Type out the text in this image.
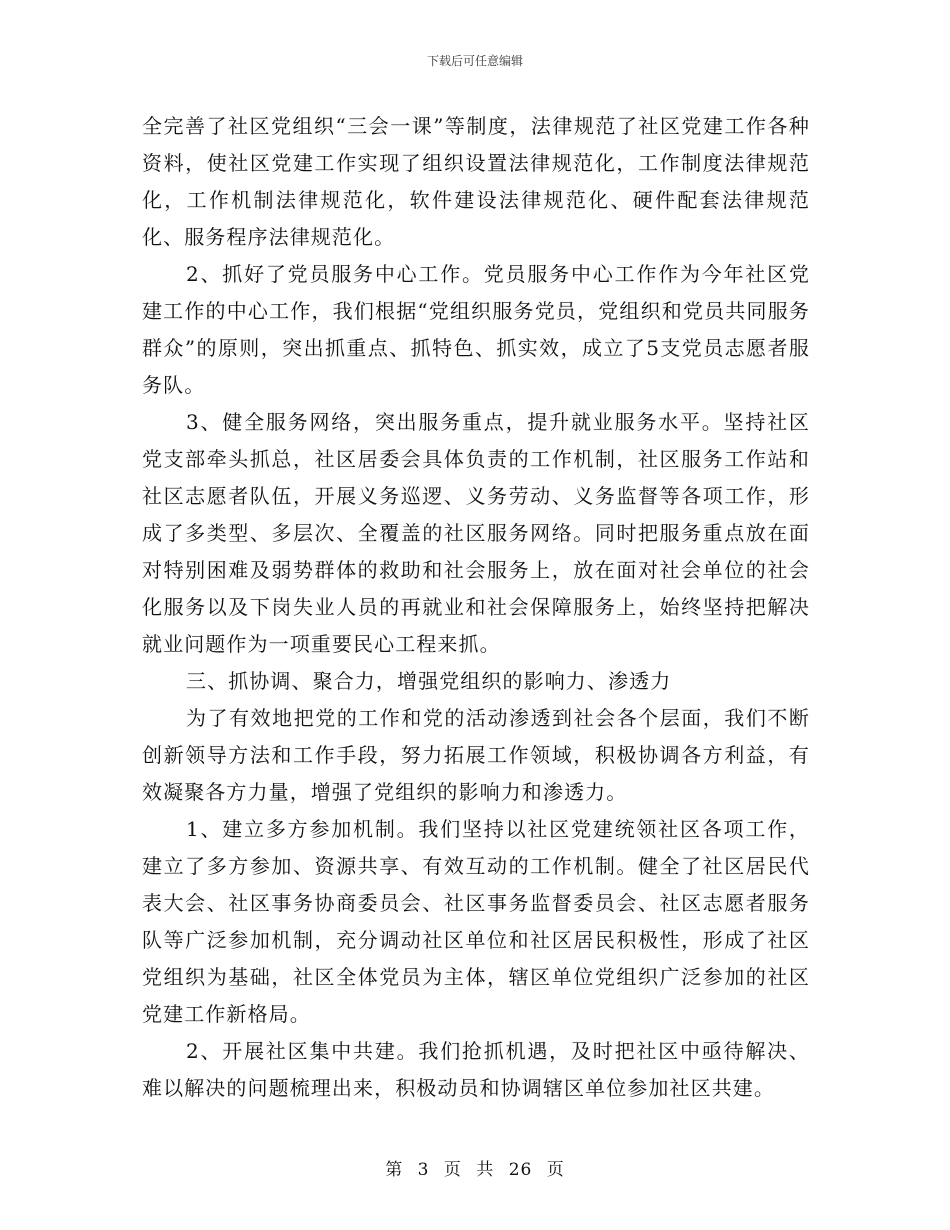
下载后可任意编辑

全完善了社区党组织“三会一课”等制度，法律规范了社区党建工作各种资料，使社区党建工作实现了组织设置法律规范化，工作制度法律规范化，工作机制法律规范化，软件建设法律规范化、硬件配套法律规范化、服务程序法律规范化。

2、抓好了党员服务中心工作。党员服务中心工作作为今年社区党建工作的中心工作，我们根据“党组织服务党员，党组织和党员共同服务群众”的原则，突出抓重点、抓特色、抓实效，成立了5支党员志愿者服务队。

3、健全服务网络，突出服务重点，提升就业服务水平。坚持社区党支部牵头抓总，社区居委会具体负责的工作机制，社区服务工作站和社区志愿者队伍，开展义务巡逻、义务劳动、义务监督等各项工作，形成了多类型、多层次、全覆盖的社区服务网络。同时把服务重点放在面对特别困难及弱势群体的救助和社会服务上，放在面对社会单位的社会化服务以及下岗失业人员的再就业和社会保障服务上，始终坚持把解决就业问题作为一项重要民心工程来抓。

三、抓协调、聚合力，增强党组织的影响力、渗透力

为了有效地把党的工作和党的活动渗透到社会各个层面，我们不断创新领导方法和工作手段，努力拓展工作领域，积极协调各方利益，有效凝聚各方力量，增强了党组织的影响力和渗透力。

1、建立多方参加机制。我们坚持以社区党建统领社区各项工作，建立了多方参加、资源共享、有效互动的工作机制。健全了社区居民代表大会、社区事务协商委员会、社区事务监督委员会、社区志愿者服务队等广泛参加机制，充分调动社区单位和社区居民积极性，形成了社区党组织为基础，社区全体党员为主体，辖区单位党组织广泛参加的社区党建工作新格局。

2、开展社区集中共建。我们抢抓机遇，及时把社区中亟待解决、难以解决的问题梳理出来，积极动员和协调辖区单位参加社区共建。

第 3 页 共 26 页
